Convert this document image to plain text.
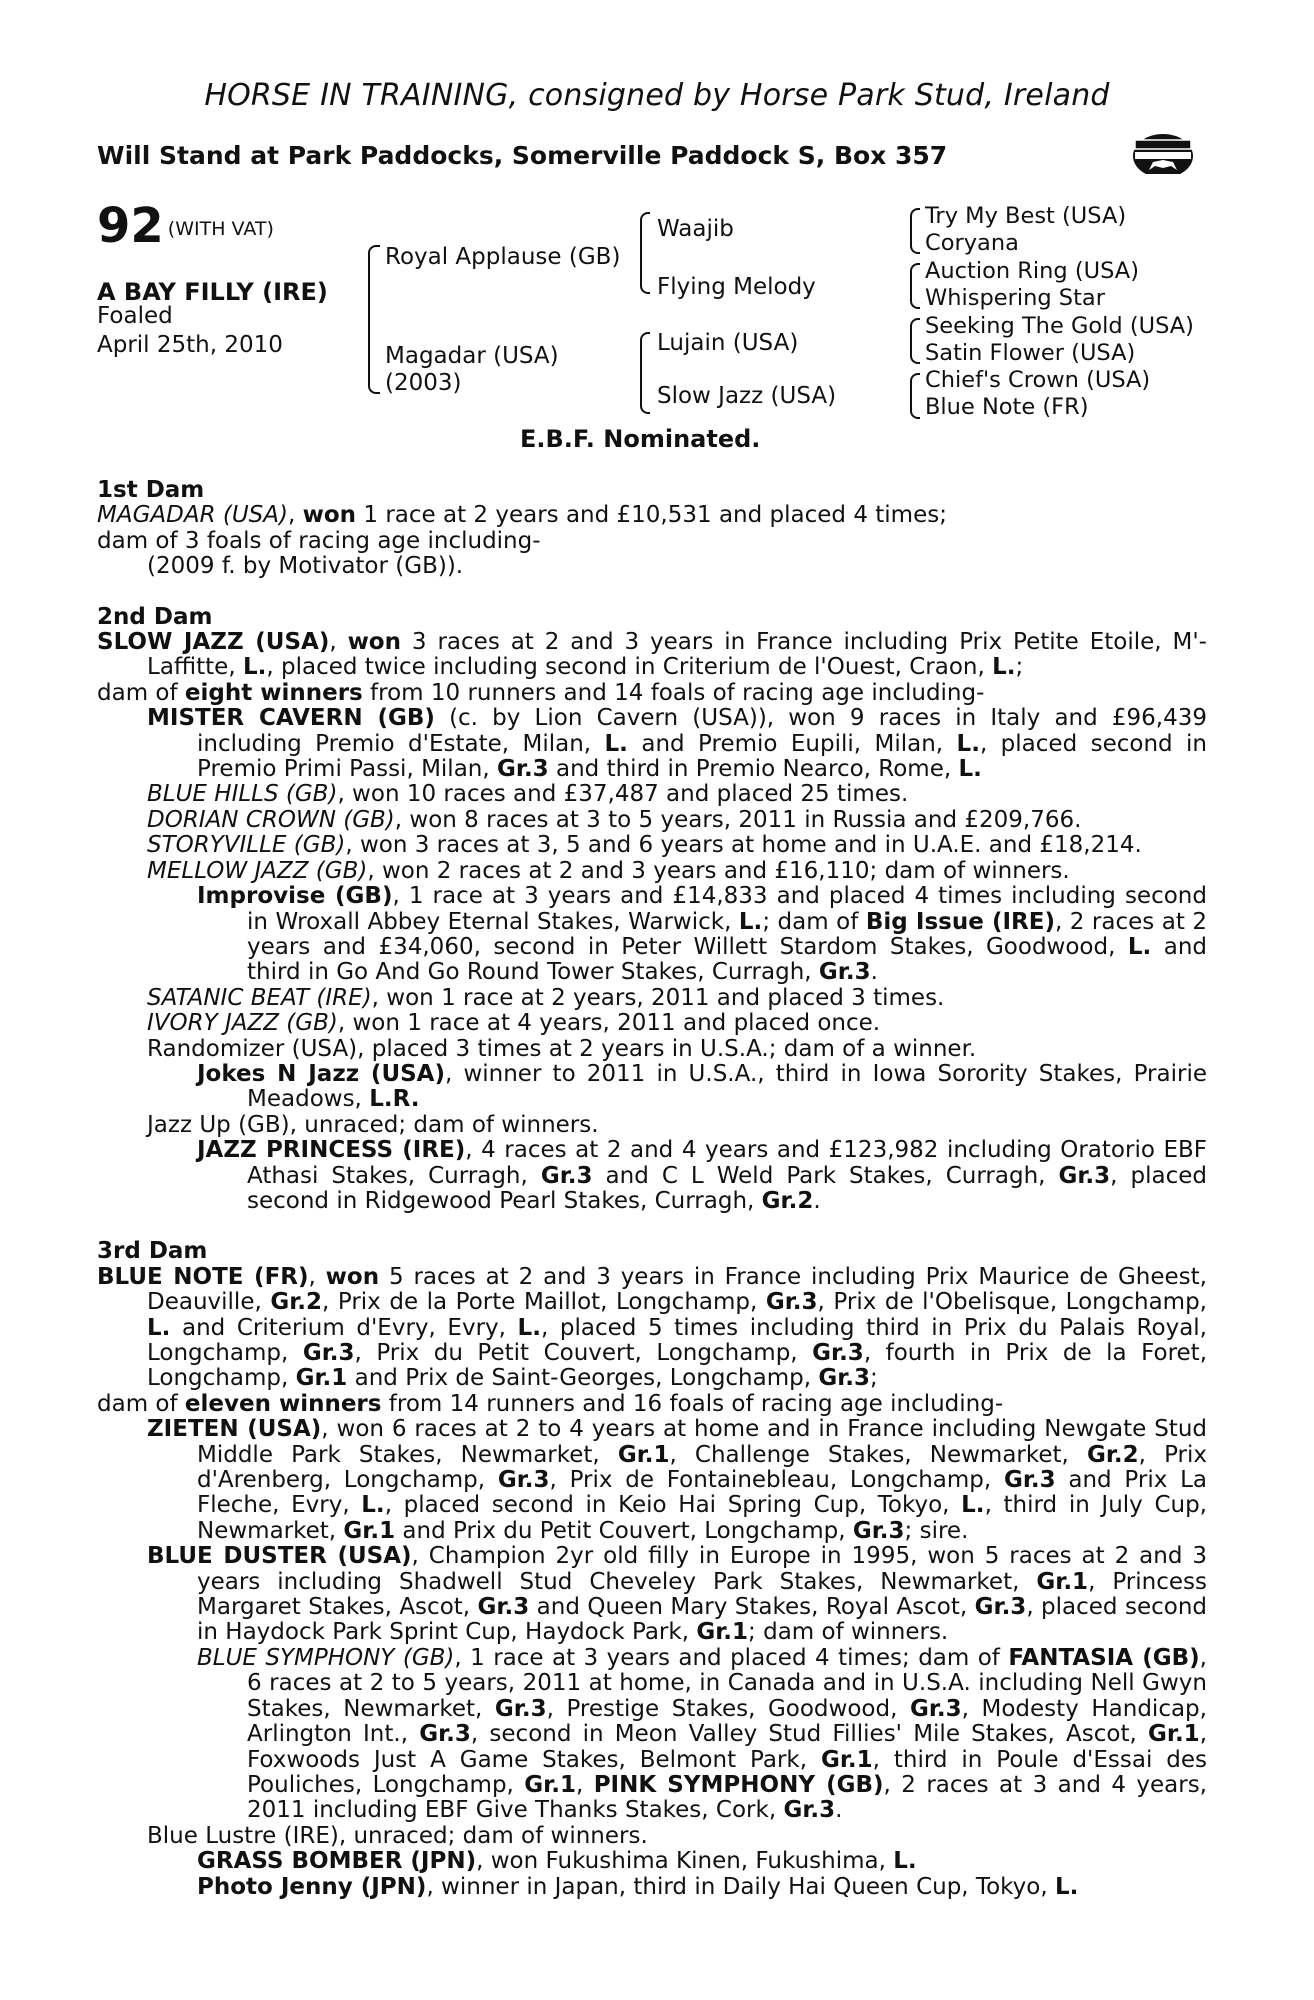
HORSE IN TRAINING, consigned by Horse Park Stud, Ireland
Will Stand at Park Paddocks, Somerville Paddock S, Box 357
92 (WITH VAT)
A BAY FILLY (IRE)
Foaled
April 25th, 2010
Royal Applause (GB)
Magadar (USA)
(2003)
Waajib
Flying Melody
Lujain (USA)
Slow Jazz (USA)
Try My Best (USA)
Coryana
Auction Ring (USA)
Whispering Star
Seeking The Gold (USA)
Satin Flower (USA)
Chief's Crown (USA)
Blue Note (FR)
E.B.F. Nominated.

1st Dam

MAGADAR (USA), won 1 race at 2 years and £10,531 and placed 4 times;

dam of 3 foals of racing age including-

(2009 f. by Motivator (GB)).

2nd Dam

SLOW JAZZ (USA), won 3 races at 2 and 3 years in France including Prix Petite Etoile, M'-Laffitte, L., placed twice including second in Criterium de l'Ouest, Craon, L.;

dam of eight winners from 10 runners and 14 foals of racing age including-

MISTER CAVERN (GB) (c. by Lion Cavern (USA)), won 9 races in Italy and £96,439 including Premio d'Estate, Milan, L. and Premio Eupili, Milan, L., placed second in Premio Primi Passi, Milan, Gr.3 and third in Premio Nearco, Rome, L.

BLUE HILLS (GB), won 10 races and £37,487 and placed 25 times.

DORIAN CROWN (GB), won 8 races at 3 to 5 years, 2011 in Russia and £209,766.

STORYVILLE (GB), won 3 races at 3, 5 and 6 years at home and in U.A.E. and £18,214.

MELLOW JAZZ (GB), won 2 races at 2 and 3 years and £16,110; dam of winners.

Improvise (GB), 1 race at 3 years and £14,833 and placed 4 times including second in Wroxall Abbey Eternal Stakes, Warwick, L.; dam of Big Issue (IRE), 2 races at 2 years and £34,060, second in Peter Willett Stardom Stakes, Goodwood, L. and third in Go And Go Round Tower Stakes, Curragh, Gr.3.

SATANIC BEAT (IRE), won 1 race at 2 years, 2011 and placed 3 times.

IVORY JAZZ (GB), won 1 race at 4 years, 2011 and placed once.

Randomizer (USA), placed 3 times at 2 years in U.S.A.; dam of a winner.

Jokes N Jazz (USA), winner to 2011 in U.S.A., third in Iowa Sorority Stakes, Prairie Meadows, L.R.

Jazz Up (GB), unraced; dam of winners.

JAZZ PRINCESS (IRE), 4 races at 2 and 4 years and £123,982 including Oratorio EBF Athasi Stakes, Curragh, Gr.3 and C L Weld Park Stakes, Curragh, Gr.3, placed second in Ridgewood Pearl Stakes, Curragh, Gr.2.

3rd Dam

BLUE NOTE (FR), won 5 races at 2 and 3 years in France including Prix Maurice de Gheest, Deauville, Gr.2, Prix de la Porte Maillot, Longchamp, Gr.3, Prix de l'Obelisque, Longchamp, L. and Criterium d'Evry, Evry, L., placed 5 times including third in Prix du Palais Royal, Longchamp, Gr.3, Prix du Petit Couvert, Longchamp, Gr.3, fourth in Prix de la Foret, Longchamp, Gr.1 and Prix de Saint-Georges, Longchamp, Gr.3;

dam of eleven winners from 14 runners and 16 foals of racing age including-

ZIETEN (USA), won 6 races at 2 to 4 years at home and in France including Newgate Stud Middle Park Stakes, Newmarket, Gr.1, Challenge Stakes, Newmarket, Gr.2, Prix d'Arenberg, Longchamp, Gr.3, Prix de Fontainebleau, Longchamp, Gr.3 and Prix La Fleche, Evry, L., placed second in Keio Hai Spring Cup, Tokyo, L., third in July Cup, Newmarket, Gr.1 and Prix du Petit Couvert, Longchamp, Gr.3; sire.

BLUE DUSTER (USA), Champion 2yr old filly in Europe in 1995, won 5 races at 2 and 3 years including Shadwell Stud Cheveley Park Stakes, Newmarket, Gr.1, Princess Margaret Stakes, Ascot, Gr.3 and Queen Mary Stakes, Royal Ascot, Gr.3, placed second in Haydock Park Sprint Cup, Haydock Park, Gr.1; dam of winners.

BLUE SYMPHONY (GB), 1 race at 3 years and placed 4 times; dam of FANTASIA (GB), 6 races at 2 to 5 years, 2011 at home, in Canada and in U.S.A. including Nell Gwyn Stakes, Newmarket, Gr.3, Prestige Stakes, Goodwood, Gr.3, Modesty Handicap, Arlington Int., Gr.3, second in Meon Valley Stud Fillies' Mile Stakes, Ascot, Gr.1, Foxwoods Just A Game Stakes, Belmont Park, Gr.1, third in Poule d'Essai des Pouliches, Longchamp, Gr.1, PINK SYMPHONY (GB), 2 races at 3 and 4 years, 2011 including EBF Give Thanks Stakes, Cork, Gr.3.

Blue Lustre (IRE), unraced; dam of winners.

GRASS BOMBER (JPN), won Fukushima Kinen, Fukushima, L.

Photo Jenny (JPN), winner in Japan, third in Daily Hai Queen Cup, Tokyo, L.
